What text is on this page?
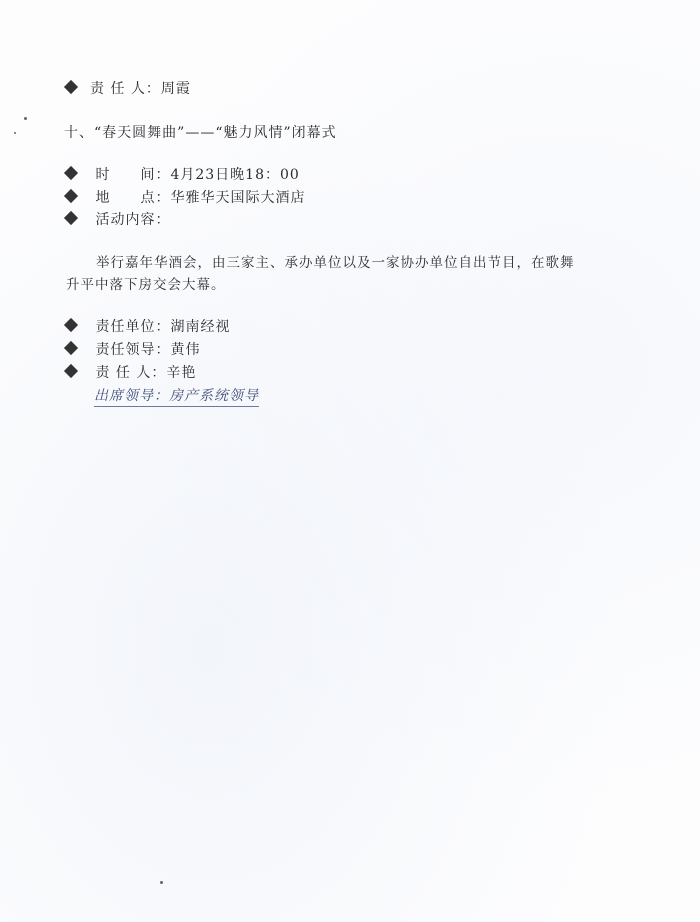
责 任 人：周霞
十、“春天圆舞曲”——“魅力风情”闭幕式
时　　间：4月23日晚18：00
地　　点：华雅华天国际大酒店
活动内容：
举行嘉年华酒会，由三家主、承办单位以及一家协办单位自出节目，在歌舞
升平中落下房交会大幕。
责任单位：湖南经视
责任领导：黄伟
责 任 人：辛艳
出席领导：房产系统领导
